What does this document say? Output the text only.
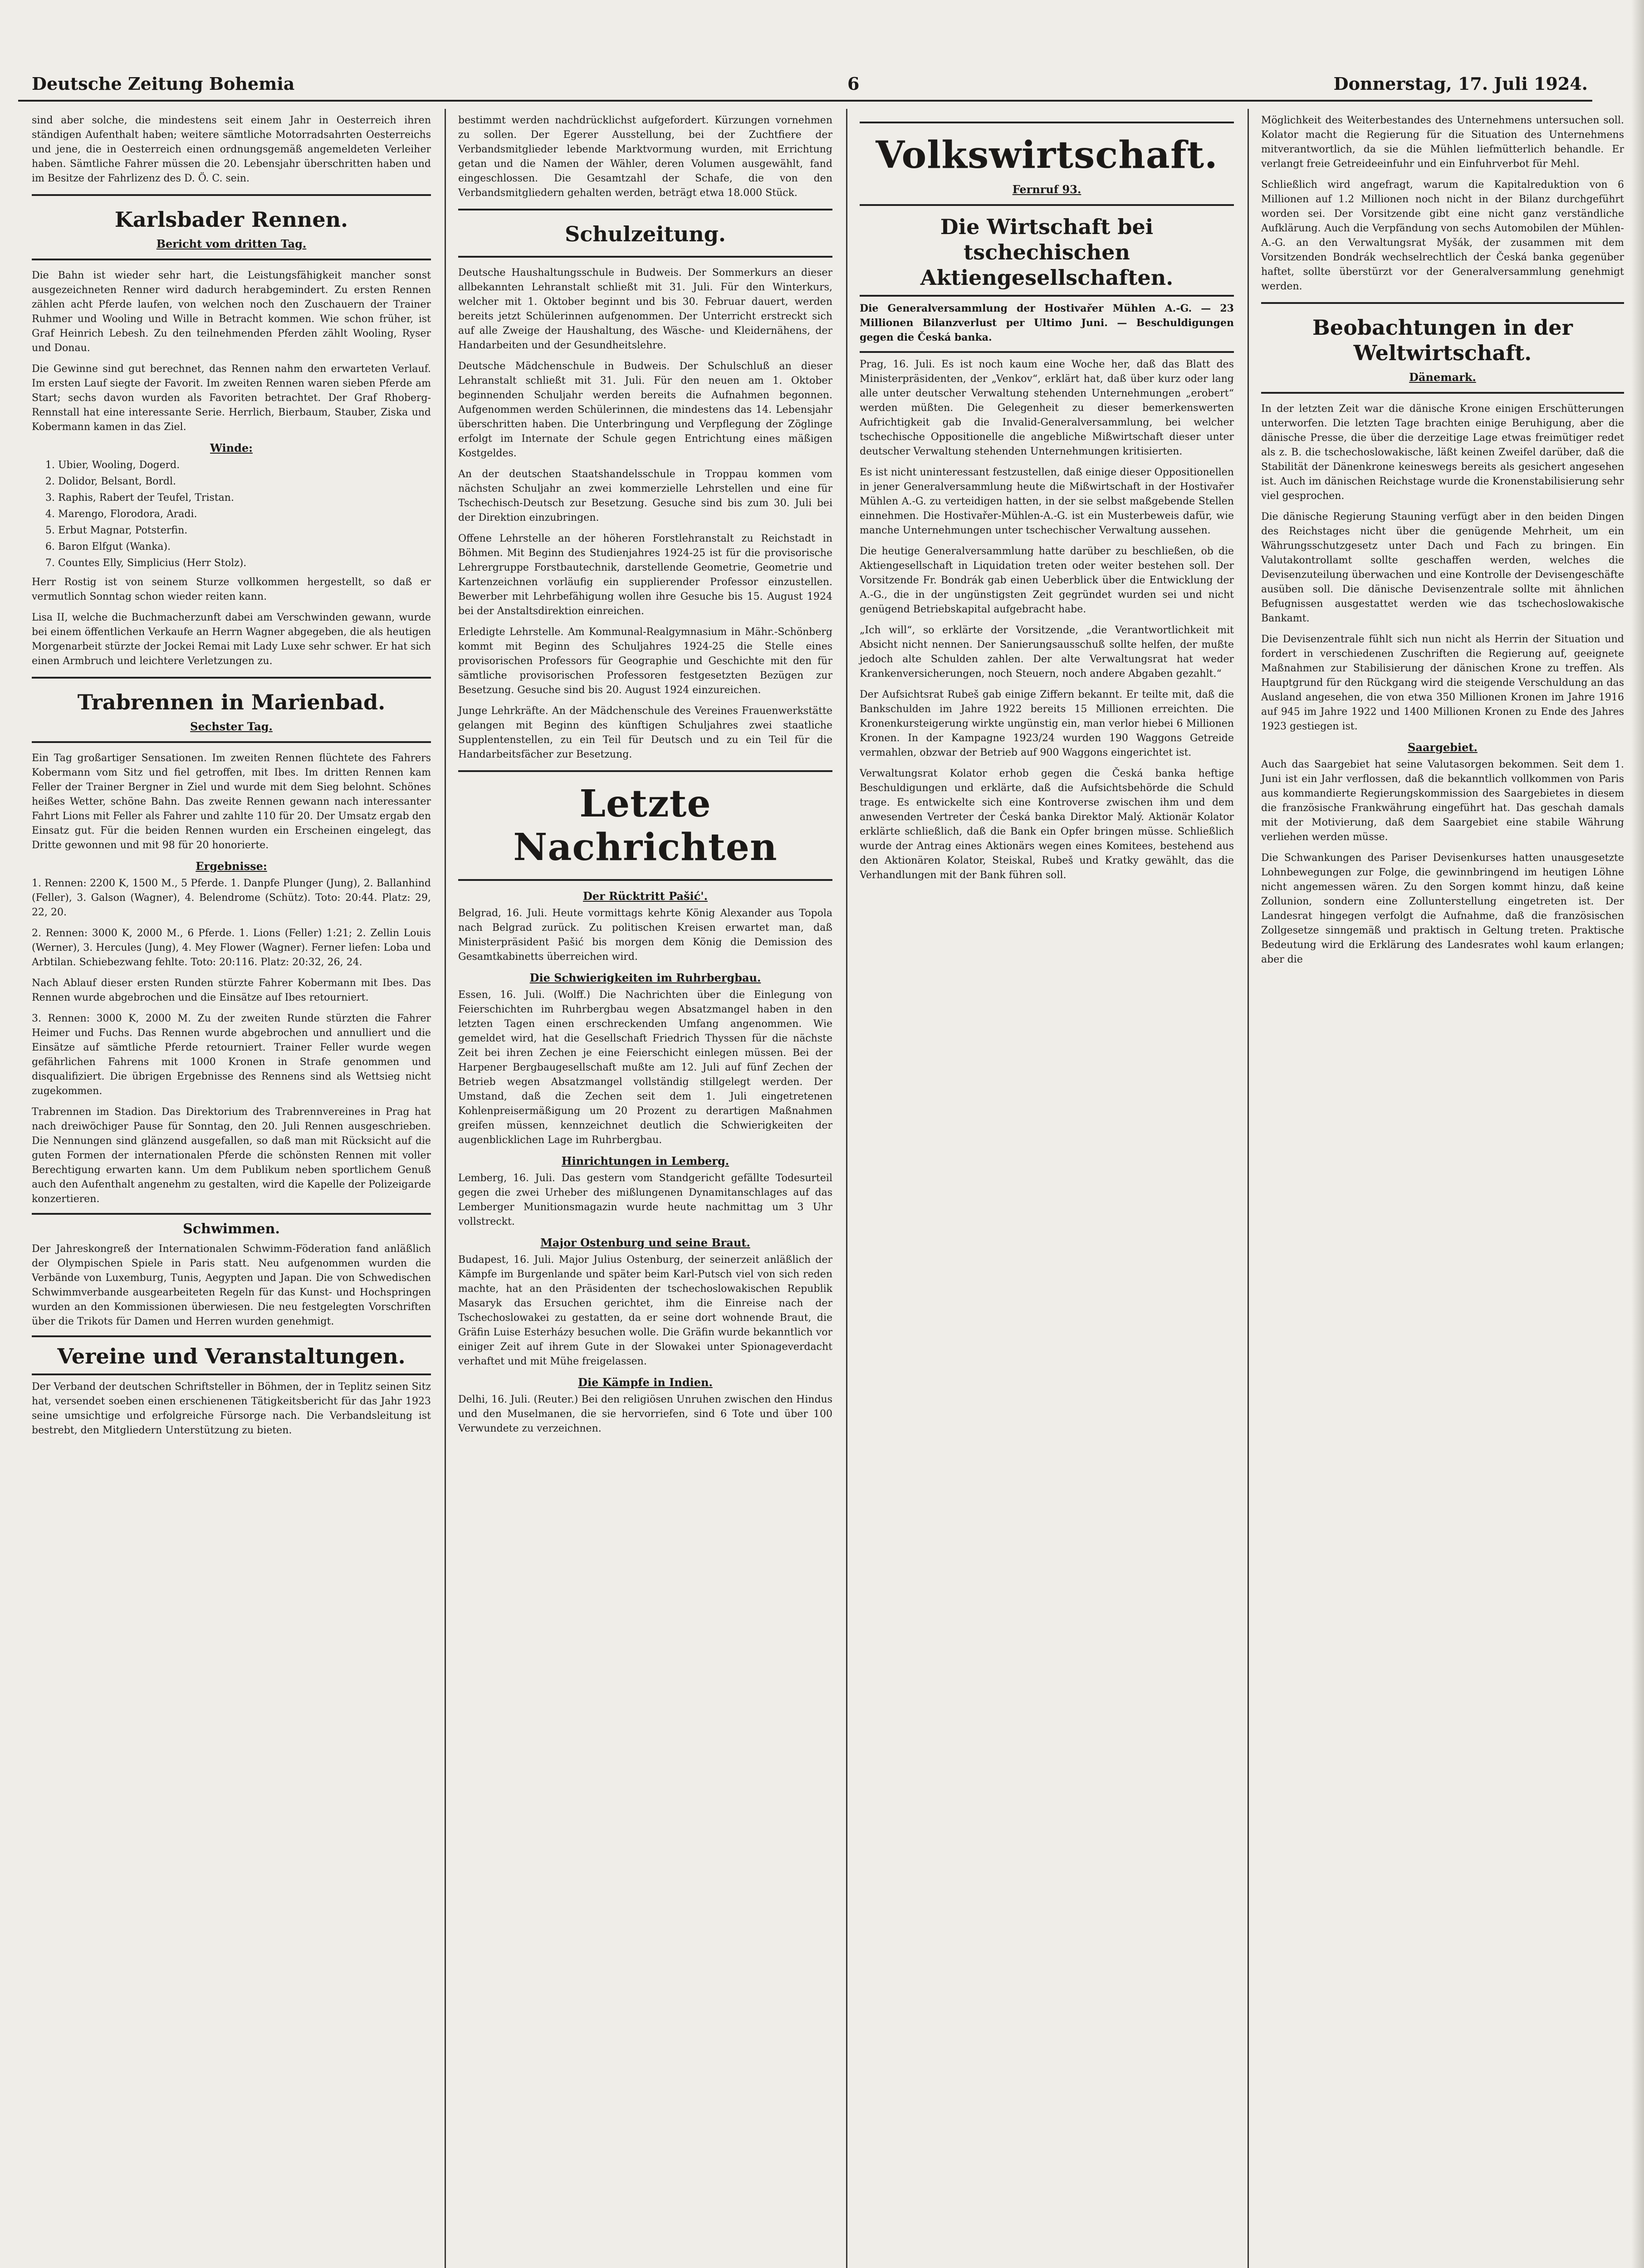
Deutsche Zeitung Bohemia	6	Donnerstag, 17. Juli 1924.

sind aber solche, die mindestens seit einem Jahr in Oesterreich ihren ständigen Aufenthalt haben; weitere sämtliche Motorradsahrten Oesterreichs und jene, die in Oesterreich einen ordnungsgemäß angemeldeten Verleiher haben. Sämtliche Fahrer müssen die 20. Lebensjahr überschritten haben und im Besitze der Fahrlizenz des D. Ö. C. sein.

Karlsbader Rennen.
Bericht vom dritten Tag.

Die Bahn ist wieder sehr hart, die Leistungsfähigkeit mancher sonst ausgezeichneten Renner wird dadurch herabgemindert. Zu ersten Rennen zählen acht Pferde laufen, von welchen noch den Zuschauern der Trainer Ruhmer und Wooling und Wille in Betracht kommen. Wie schon früher, ist Graf Heinrich Lebesh. Zu den teilnehmenden Pferden zählt Wooling, Ryser und Donau.

Die Gewinne sind gut berechnet, das Rennen nahm den erwarteten Verlauf. Im ersten Lauf siegte der Favorit. Im zweiten Rennen waren sieben Pferde am Start; sechs davon wurden als Favoriten betrachtet. Der Graf Rhoberg-Rennstall hat eine interessante Serie. Herrlich, Bierbaum, Stauber, Ziska und Kobermann kamen in das Ziel.

Winde:
1. Ubier, Wooling, Dogerd.
2. Dolidor, Belsant, Bordl.
3. Raphis, Rabert der Teufel, Tristan.
4. Marengo, Florodora, Aradi.
5. Erbut Magnar, Potsterfin.
6. Baron Elfgut (Wanka).
7. Countes Elly, Simplicius (Herr Stolz).

Herr Rostig ist von seinem Sturze vollkommen hergestellt, so daß er vermutlich Sonntag schon wieder reiten kann.

Lisa II, welche die Buchmacherzunft dabei am Verschwinden gewann, wurde bei einem öffentlichen Verkaufe an Herrn Wagner abgegeben, die als heutigen Morgenarbeit stürzte der Jockei Remai mit Lady Luxe sehr schwer. Er hat sich einen Armbruch und leichtere Verletzungen zu.

Trabrennen in Marienbad.
Sechster Tag.

Ein Tag großartiger Sensationen. Im zweiten Rennen flüchtete des Fahrers Kobermann vom Sitz und fiel getroffen, mit Ibes. Im dritten Rennen kam Feller der Trainer Bergner in Ziel und wurde mit dem Sieg belohnt. Schönes heißes Wetter, schöne Bahn. Das zweite Rennen gewann nach interessanter Fahrt Lions mit Feller als Fahrer und zahlte 110 für 20. Der Umsatz ergab den Einsatz gut. Für die beiden Rennen wurden ein Erscheinen eingelegt, das Dritte gewonnen und mit 98 für 20 honorierte.

Ergebnisse:

1. Rennen: 2200 K, 1500 M., 5 Pferde. 1. Danpfe Plunger (Jung), 2. Ballanhind (Feller), 3. Galson (Wagner), 4. Belendrome (Schütz). Toto: 20:44. Platz: 29, 22, 20.

2. Rennen: 3000 K, 2000 M., 6 Pferde. 1. Lions (Feller) 1:21; 2. Zellin Louis (Werner), 3. Hercules (Jung), 4. Mey Flower (Wagner). Ferner liefen: Loba und Arbtilan. Schiebezwang fehlte. Toto: 20:116. Platz: 20:32, 26, 24.

Nach Ablauf dieser ersten Runden stürzte Fahrer Kobermann mit Ibes. Das Rennen wurde abgebrochen und die Einsätze auf Ibes retourniert.

3. Rennen: 3000 K, 2000 M. Zu der zweiten Runde stürzten die Fahrer Heimer und Fuchs. Das Rennen wurde abgebrochen und annulliert und die Einsätze auf sämtliche Pferde retourniert. Trainer Feller wurde wegen gefährlichen Fahrens mit 1000 Kronen in Strafe genommen und disqualifiziert. Die übrigen Ergebnisse des Rennens sind als Wettsieg nicht zugekommen.

Trabrennen im Stadion. Das Direktorium des Trabrennvereines in Prag hat nach dreiwöchiger Pause für Sonntag, den 20. Juli Rennen ausgeschrieben. Die Nennungen sind glänzend ausgefallen, so daß man mit Rücksicht auf die guten Formen der internationalen Pferde die schönsten Rennen mit voller Berechtigung erwarten kann. Um dem Publikum neben sportlichem Genuß auch den Aufenthalt angenehm zu gestalten, wird die Kapelle der Polizeigarde konzertieren.

Schwimmen.

Der Jahreskongreß der Internationalen Schwimm-Föderation fand anläßlich der Olympischen Spiele in Paris statt. Neu aufgenommen wurden die Verbände von Luxemburg, Tunis, Aegypten und Japan. Die von Schwedischen Schwimmverbande ausgearbeiteten Regeln für das Kunst- und Hochspringen wurden an den Kommissionen überwiesen. Die neu festgelegten Vorschriften über die Trikots für Damen und Herren wurden genehmigt.

Vereine und Veranstaltungen.

Der Verband der deutschen Schriftsteller in Böhmen, der in Teplitz seinen Sitz hat, versendet soeben einen erschienenen Tätigkeitsbericht für das Jahr 1923 seine umsichtige und erfolgreiche Fürsorge nach. Die Verbandsleitung ist bestrebt, den Mitgliedern Unterstützung zu bieten.

bestimmt werden nachdrücklichst aufgefordert. Kürzungen vornehmen zu sollen. Der Egerer Ausstellung, bei der Zuchtfiere der Verbandsmitglieder lebende Marktvormung wurden, mit Errichtung getan und die Namen der Wähler, deren Volumen ausgewählt, fand eingeschlossen. Die Gesamtzahl der Schafe, die von den Verbandsmitgliedern gehalten werden, beträgt etwa 18.000 Stück.

Schulzeitung.

Deutsche Haushaltungsschule in Budweis. Der Sommerkurs an dieser allbekannten Lehranstalt schließt mit 31. Juli. Für den Winterkurs, welcher mit 1. Oktober beginnt und bis 30. Februar dauert, werden bereits jetzt Schülerinnen aufgenommen. Der Unterricht erstreckt sich auf alle Zweige der Haushaltung, des Wäsche- und Kleidernähens, der Handarbeiten und der Gesundheitslehre.

Deutsche Mädchenschule in Budweis. Der Schulschluß an dieser Lehranstalt schließt mit 31. Juli. Für den neuen am 1. Oktober beginnenden Schuljahr werden bereits die Aufnahmen begonnen. Aufgenommen werden Schülerinnen, die mindestens das 14. Lebensjahr überschritten haben. Die Unterbringung und Verpflegung der Zöglinge erfolgt im Internate der Schule gegen Entrichtung eines mäßigen Kostgeldes.

An der deutschen Staatshandelsschule in Troppau kommen vom nächsten Schuljahr an zwei kommerzielle Lehrstellen und eine für Tschechisch-Deutsch zur Besetzung. Gesuche sind bis zum 30. Juli bei der Direktion einzubringen.

Offene Lehrstelle an der höheren Forstlehranstalt zu Reichstadt in Böhmen. Mit Beginn des Studienjahres 1924-25 ist für die provisorische Lehrergruppe Forstbautechnik, darstellende Geometrie, Geometrie und Kartenzeichnen vorläufig ein supplierender Professor einzustellen. Bewerber mit Lehrbefähigung wollen ihre Gesuche bis 15. August 1924 bei der Anstaltsdirektion einreichen.

Erledigte Lehrstelle. Am Kommunal-Realgymnasium in Mähr.-Schönberg kommt mit Beginn des Schuljahres 1924-25 die Stelle eines provisorischen Professors für Geographie und Geschichte mit den für sämtliche provisorischen Professoren festgesetzten Bezügen zur Besetzung. Gesuche sind bis 20. August 1924 einzureichen.

Junge Lehrkräfte. An der Mädchenschule des Vereines Frauenwerkstätte gelangen mit Beginn des künftigen Schuljahres zwei staatliche Supplentenstellen, zu ein Teil für Deutsch und zu ein Teil für die Handarbeitsfächer zur Besetzung.

Letzte Nachrichten
Der Rücktritt Pašić'.

Belgrad, 16. Juli. Heute vormittags kehrte König Alexander aus Topola nach Belgrad zurück. Zu politischen Kreisen erwartet man, daß Ministerpräsident Pašić bis morgen dem König die Demission des Gesamtkabinetts überreichen wird.

Die Schwierigkeiten im Ruhrbergbau.

Essen, 16. Juli. (Wolff.) Die Nachrichten über die Einlegung von Feierschichten im Ruhrbergbau wegen Absatzmangel haben in den letzten Tagen einen erschreckenden Umfang angenommen. Wie gemeldet wird, hat die Gesellschaft Friedrich Thyssen für die nächste Zeit bei ihren Zechen je eine Feierschicht einlegen müssen. Bei der Harpener Bergbaugesellschaft mußte am 12. Juli auf fünf Zechen der Betrieb wegen Absatzmangel vollständig stillgelegt werden. Der Umstand, daß die Zechen seit dem 1. Juli eingetretenen Kohlenpreisermäßigung um 20 Prozent zu derartigen Maßnahmen greifen müssen, kennzeichnet deutlich die Schwierigkeiten der augenblicklichen Lage im Ruhrbergbau.

Hinrichtungen in Lemberg.

Lemberg, 16. Juli. Das gestern vom Standgericht gefällte Todesurteil gegen die zwei Urheber des mißlungenen Dynamitanschlages auf das Lemberger Munitionsmagazin wurde heute nachmittag um 3 Uhr vollstreckt.

Major Ostenburg und seine Braut.

Budapest, 16. Juli. Major Julius Ostenburg, der seinerzeit anläßlich der Kämpfe im Burgenlande und später beim Karl-Putsch viel von sich reden machte, hat an den Präsidenten der tschechoslowakischen Republik Masaryk das Ersuchen gerichtet, ihm die Einreise nach der Tschechoslowakei zu gestatten, da er seine dort wohnende Braut, die Gräfin Luise Esterházy besuchen wolle. Die Gräfin wurde bekanntlich vor einiger Zeit auf ihrem Gute in der Slowakei unter Spionageverdacht verhaftet und mit Mühe freigelassen.

Die Kämpfe in Indien.

Delhi, 16. Juli. (Reuter.) Bei den religiösen Unruhen zwischen den Hindus und den Muselmanen, die sie hervorriefen, sind 6 Tote und über 100 Verwundete zu verzeichnen.

Volkswirtschaft.
Fernruf 93.
Die Wirtschaft bei tschechischen Aktiengesellschaften.

Die Generalversammlung der Hostivařer Mühlen A.-G. — 23 Millionen Bilanzverlust per Ultimo Juni. — Beschuldigungen gegen die Česká banka.

Prag, 16. Juli. Es ist noch kaum eine Woche her, daß das Blatt des Ministerpräsidenten, der „Venkov“, erklärt hat, daß über kurz oder lang alle unter deutscher Verwaltung stehenden Unternehmungen „erobert“ werden müßten. Die Gelegenheit zu dieser bemerkenswerten Aufrichtigkeit gab die Invalid-Generalversammlung, bei welcher tschechische Oppositionelle die angebliche Mißwirtschaft dieser unter deutscher Verwaltung stehenden Unternehmungen kritisierten.

Es ist nicht uninteressant festzustellen, daß einige dieser Oppositionellen in jener Generalversammlung heute die Mißwirtschaft in der Hostivařer Mühlen A.-G. zu verteidigen hatten, in der sie selbst maßgebende Stellen einnehmen. Die Hostivařer-Mühlen-A.-G. ist ein Musterbeweis dafür, wie manche Unternehmungen unter tschechischer Verwaltung aussehen.

Die heutige Generalversammlung hatte darüber zu beschließen, ob die Aktiengesellschaft in Liquidation treten oder weiter bestehen soll. Der Vorsitzende Fr. Bondrák gab einen Ueberblick über die Entwicklung der A.-G., die in der ungünstigsten Zeit gegründet wurden sei und nicht genügend Betriebskapital aufgebracht habe.

„Ich will“, so erklärte der Vorsitzende, „die Verantwortlichkeit mit Absicht nicht nennen. Der Sanierungsausschuß sollte helfen, der mußte jedoch alte Schulden zahlen. Der alte Verwaltungsrat hat weder Krankenversicherungen, noch Steuern, noch andere Abgaben gezahlt.“

Der Aufsichtsrat Rubeš gab einige Ziffern bekannt. Er teilte mit, daß die Bankschulden im Jahre 1922 bereits 15 Millionen erreichten. Die Kronenkursteigerung wirkte ungünstig ein, man verlor hiebei 6 Millionen Kronen. In der Kampagne 1923/24 wurden 190 Waggons Getreide vermahlen, obzwar der Betrieb auf 900 Waggons eingerichtet ist.

Verwaltungsrat Kolator erhob gegen die Česká banka heftige Beschuldigungen und erklärte, daß die Aufsichtsbehörde die Schuld trage. Es entwickelte sich eine Kontroverse zwischen ihm und dem anwesenden Vertreter der Česká banka Direktor Malý. Aktionär Kolator erklärte schließlich, daß die Bank ein Opfer bringen müsse. Schließlich wurde der Antrag eines Aktionärs wegen eines Komitees, bestehend aus den Aktionären Kolator, Steiskal, Rubeš und Kratky gewählt, das die Verhandlungen mit der Bank führen soll.

Möglichkeit des Weiterbestandes des Unternehmens untersuchen soll. Kolator macht die Regierung für die Situation des Unternehmens mitverantwortlich, da sie die Mühlen liefmütterlich behandle. Er verlangt freie Getreideeinfuhr und ein Einfuhrverbot für Mehl.

Schließlich wird angefragt, warum die Kapitalreduktion von 6 Millionen auf 1.2 Millionen noch nicht in der Bilanz durchgeführt worden sei. Der Vorsitzende gibt eine nicht ganz verständliche Aufklärung. Auch die Verpfändung von sechs Automobilen der Mühlen-A.-G. an den Verwaltungsrat Myšák, der zusammen mit dem Vorsitzenden Bondrák wechselrechtlich der Česká banka gegenüber haftet, sollte überstürzt vor der Generalversammlung genehmigt werden.

Beobachtungen in der Weltwirtschaft.
Dänemark.

In der letzten Zeit war die dänische Krone einigen Erschütterungen unterworfen. Die letzten Tage brachten einige Beruhigung, aber die dänische Presse, die über die derzeitige Lage etwas freimütiger redet als z. B. die tschechoslowakische, läßt keinen Zweifel darüber, daß die Stabilität der Dänenkrone keineswegs bereits als gesichert angesehen ist. Auch im dänischen Reichstage wurde die Kronenstabilisierung sehr viel gesprochen.

Die dänische Regierung Stauning verfügt aber in den beiden Dingen des Reichstages nicht über die genügende Mehrheit, um ein Währungsschutzgesetz unter Dach und Fach zu bringen. Ein Valutakontrollamt sollte geschaffen werden, welches die Devisenzuteilung überwachen und eine Kontrolle der Devisengeschäfte ausüben soll. Die dänische Devisenzentrale sollte mit ähnlichen Befugnissen ausgestattet werden wie das tschechoslowakische Bankamt.

Die Devisenzentrale fühlt sich nun nicht als Herrin der Situation und fordert in verschiedenen Zuschriften die Regierung auf, geeignete Maßnahmen zur Stabilisierung der dänischen Krone zu treffen. Als Hauptgrund für den Rückgang wird die steigende Verschuldung an das Ausland angesehen, die von etwa 350 Millionen Kronen im Jahre 1916 auf 945 im Jahre 1922 und 1400 Millionen Kronen zu Ende des Jahres 1923 gestiegen ist.

Saargebiet.

Auch das Saargebiet hat seine Valutasorgen bekommen. Seit dem 1. Juni ist ein Jahr verflossen, daß die bekanntlich vollkommen von Paris aus kommandierte Regierungskommission des Saargebietes in diesem die französische Frankwährung eingeführt hat. Das geschah damals mit der Motivierung, daß dem Saargebiet eine stabile Währung verliehen werden müsse.

Die Schwankungen des Pariser Devisenkurses hatten unausgesetzte Lohnbewegungen zur Folge, die gewinnbringend im heutigen Löhne nicht angemessen wären. Zu den Sorgen kommt hinzu, daß keine Zollunion, sondern eine Zollunterstellung eingetreten ist. Der Landesrat hingegen verfolgt die Aufnahme, daß die französischen Zollgesetze sinngemäß und praktisch in Geltung treten. Praktische Bedeutung wird die Erklärung des Landesrates wohl kaum erlangen; aber die
